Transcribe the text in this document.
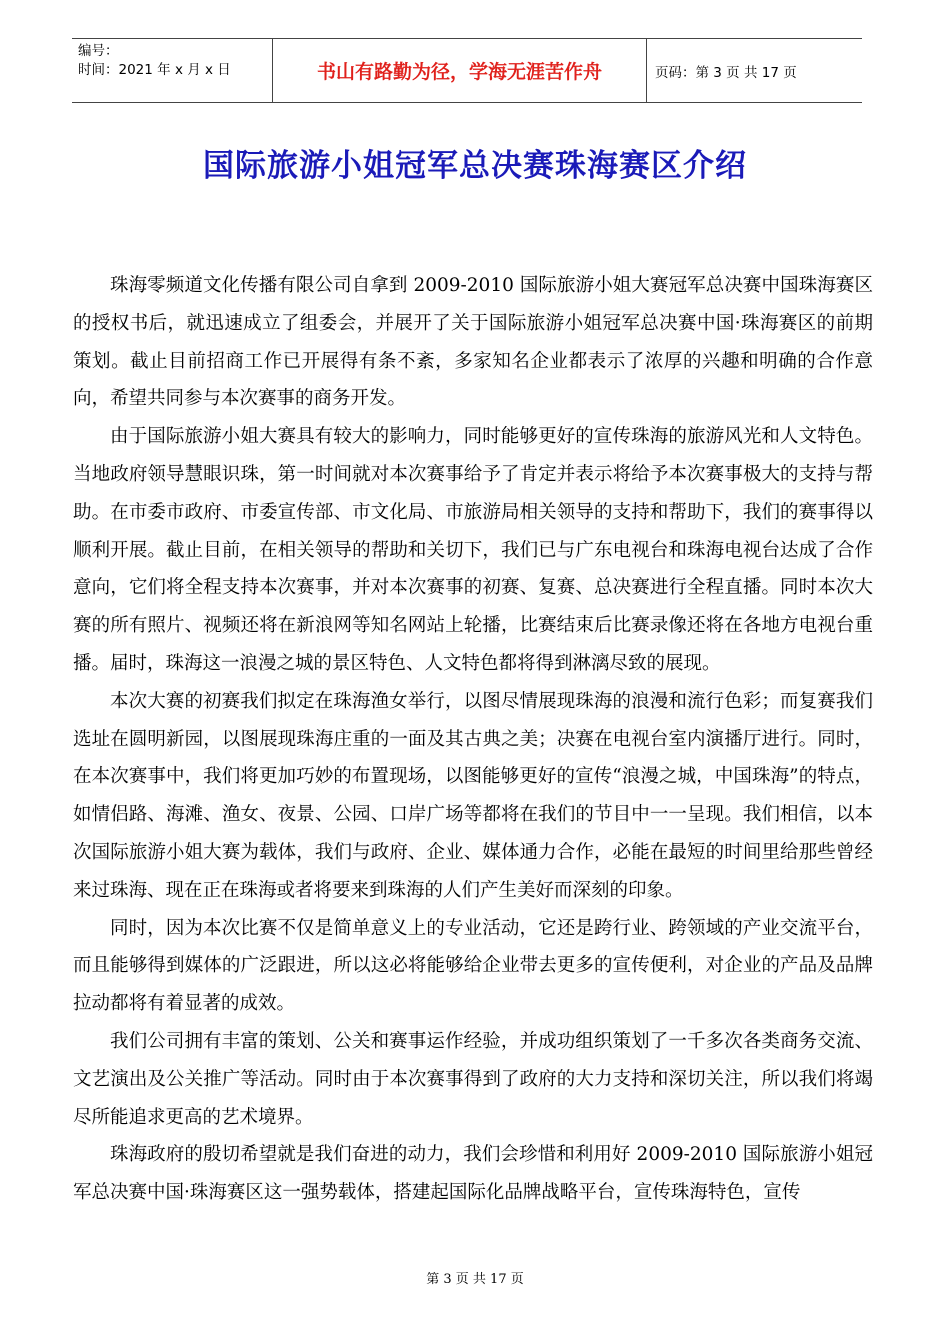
编号：
时间：2021 年 x 月 x 日	书山有路勤为径，学海无涯苦作舟	页码：第 3 页 共 17 页
国际旅游小姐冠军总决赛珠海赛区介绍

珠海零频道文化传播有限公司自拿到 2009-2010 国际旅游小姐大赛冠军总决赛中国珠海赛区的授权书后，就迅速成立了组委会，并展开了关于国际旅游小姐冠军总决赛中国·珠海赛区的前期策划。截止目前招商工作已开展得有条不紊，多家知名企业都表示了浓厚的兴趣和明确的合作意向，希望共同参与本次赛事的商务开发。

由于国际旅游小姐大赛具有较大的影响力，同时能够更好的宣传珠海的旅游风光和人文特色。当地政府领导慧眼识珠，第一时间就对本次赛事给予了肯定并表示将给予本次赛事极大的支持与帮助。在市委市政府、市委宣传部、市文化局、市旅游局相关领导的支持和帮助下，我们的赛事得以顺利开展。截止目前，在相关领导的帮助和关切下，我们已与广东电视台和珠海电视台达成了合作意向，它们将全程支持本次赛事，并对本次赛事的初赛、复赛、总决赛进行全程直播。同时本次大赛的所有照片、视频还将在新浪网等知名网站上轮播，比赛结束后比赛录像还将在各地方电视台重播。届时，珠海这一浪漫之城的景区特色、人文特色都将得到淋漓尽致的展现。

本次大赛的初赛我们拟定在珠海渔女举行，以图尽情展现珠海的浪漫和流行色彩；而复赛我们选址在圆明新园，以图展现珠海庄重的一面及其古典之美；决赛在电视台室内演播厅进行。同时，在本次赛事中，我们将更加巧妙的布置现场，以图能够更好的宣传“浪漫之城，中国珠海”的特点，如情侣路、海滩、渔女、夜景、公园、口岸广场等都将在我们的节目中一一呈现。我们相信，以本次国际旅游小姐大赛为载体，我们与政府、企业、媒体通力合作，必能在最短的时间里给那些曾经来过珠海、现在正在珠海或者将要来到珠海的人们产生美好而深刻的印象。

同时，因为本次比赛不仅是简单意义上的专业活动，它还是跨行业、跨领域的产业交流平台，而且能够得到媒体的广泛跟进，所以这必将能够给企业带去更多的宣传便利，对企业的产品及品牌拉动都将有着显著的成效。

我们公司拥有丰富的策划、公关和赛事运作经验，并成功组织策划了一千多次各类商务交流、文艺演出及公关推广等活动。同时由于本次赛事得到了政府的大力支持和深切关注，所以我们将竭尽所能追求更高的艺术境界。

珠海政府的殷切希望就是我们奋进的动力，我们会珍惜和利用好 2009-2010 国际旅游小姐冠军总决赛中国·珠海赛区这一强势载体，搭建起国际化品牌战略平台，宣传珠海特色，宣传

第 3 页 共 17 页
